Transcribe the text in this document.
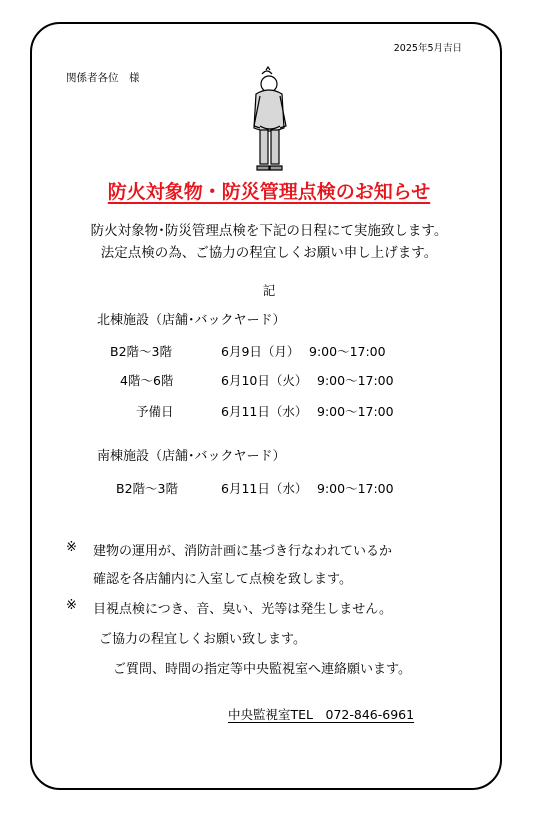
2025年5月吉日
関係者各位　様
防火対象物・防災管理点検のお知らせ
防火対象物･防災管理点検を下記の日程にて実施致します。
法定点検の為、ご協力の程宜しくお願い申し上げます。
記
北棟施設（店舗･バックヤード）
B2階～3階	6月9日（月） 9:00～17:00
4階～6階	6月10日（火） 9:00～17:00
予備日	6月11日（水） 9:00～17:00
南棟施設（店舗･バックヤード）
B2階～3階	6月11日（水） 9:00～17:00
※ 建物の運用が、消防計画に基づき行なわれているか
確認を各店舗内に入室して点検を致します。
※ 目視点検につき、音、臭い、光等は発生しません。
ご協力の程宜しくお願い致します。
ご質問、時間の指定等中央監視室へ連絡願います。
中央監視室TEL　072-846-6961
